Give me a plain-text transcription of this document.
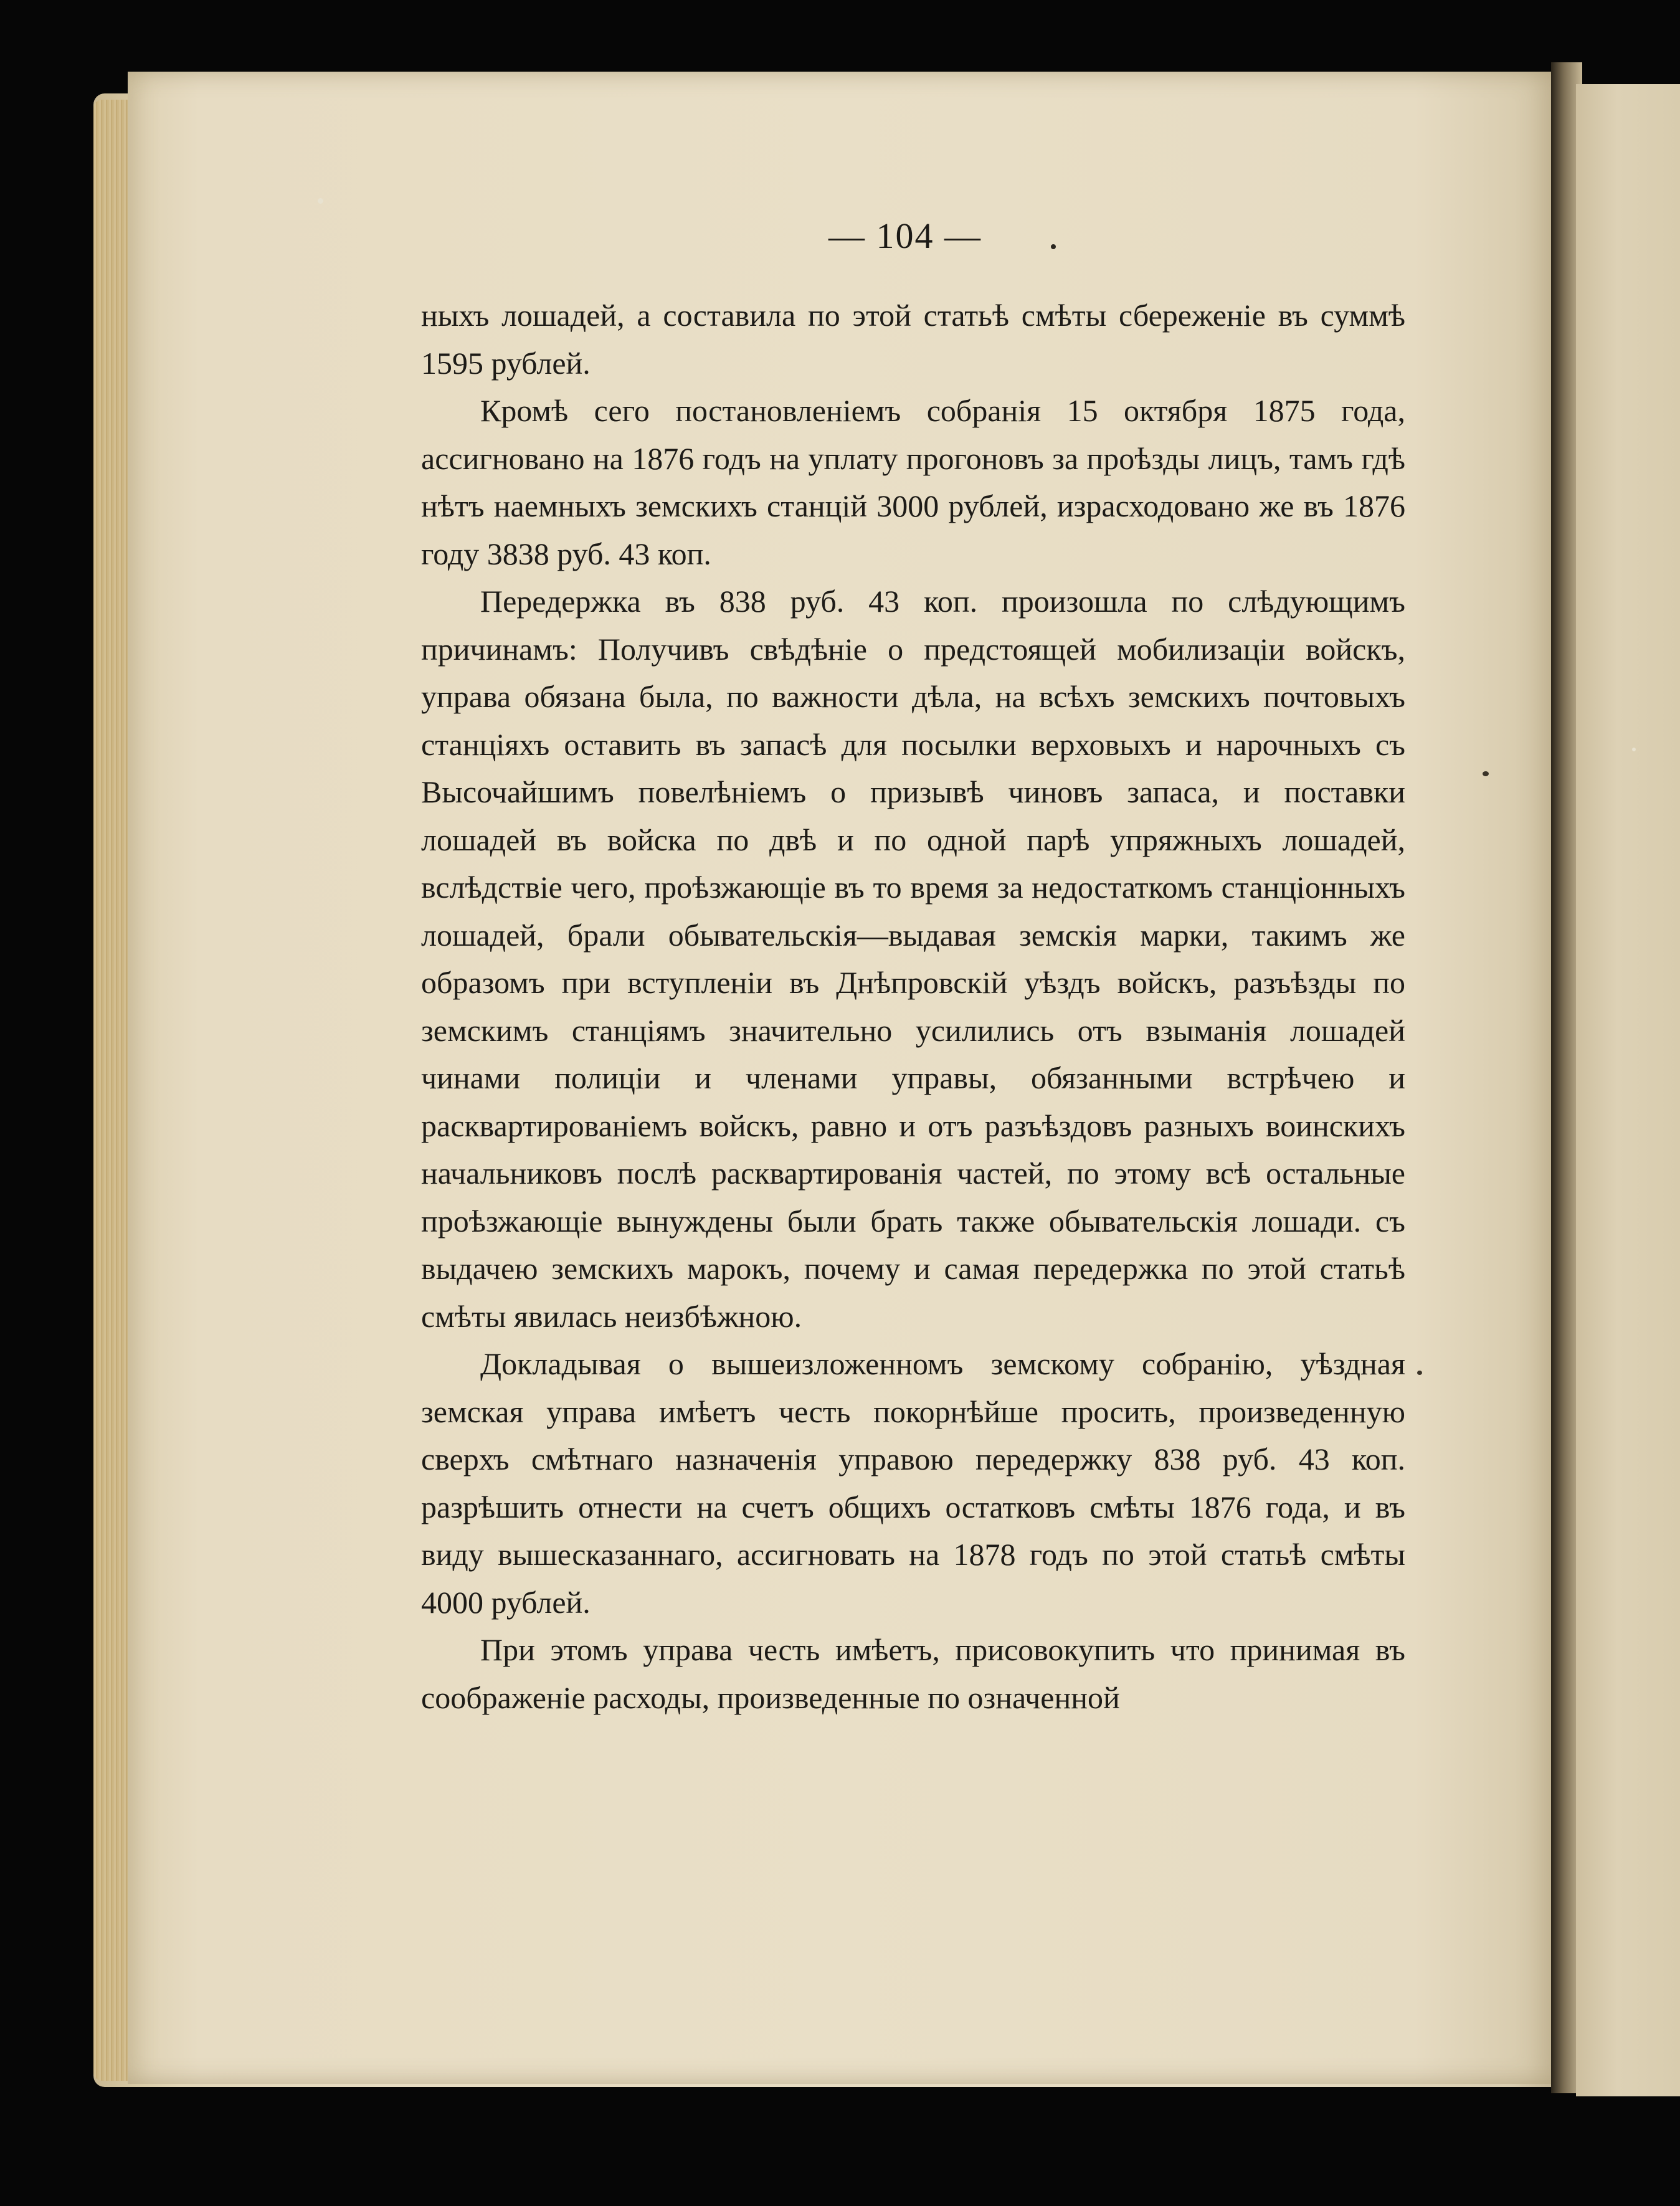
— 104 —

ныхъ лошадей, а составила по этой статьѣ смѣты сбереженіе въ суммѣ 1595 рублей.

Кромѣ сего постановленіемъ собранія 15 октября 1875 года, ассигновано на 1876 годъ на уплату прогоновъ за проѣзды лицъ, тамъ гдѣ нѣтъ наемныхъ земскихъ станцій 3000 рублей, израсходовано же въ 1876 году 3838 руб. 43 коп.

Передержка въ 838 руб. 43 коп. произошла по слѣдующимъ причинамъ: Получивъ свѣдѣніе о предстоящей мобилизаціи войскъ, управа обязана была, по важности дѣла, на всѣхъ земскихъ почтовыхъ станціяхъ оставить въ запасѣ для посылки верховыхъ и нарочныхъ съ Высочайшимъ повелѣніемъ о призывѣ чиновъ запаса, и поставки лошадей въ войска по двѣ и по одной парѣ упряжныхъ лошадей, вслѣдствіе чего, проѣзжающіе въ то время за недостаткомъ станціонныхъ лошадей, брали обывательскія—выдавая земскія марки, такимъ же образомъ при вступленіи въ Днѣпровскій уѣздъ войскъ, разъѣзды по земскимъ станціямъ значительно усилились отъ взыманія лошадей чинами полиціи и членами управы, обязанными встрѣчею и расквартированіемъ войскъ, равно и отъ разъѣздовъ разныхъ воинскихъ начальниковъ послѣ расквартированія частей, по этому всѣ остальные проѣзжающіе вынуждены были брать также обывательскія лошади. съ выдачею земскихъ марокъ, почему и самая передержка по этой статьѣ смѣты явилась неизбѣжною.

Докладывая о вышеизложенномъ земскому собранію, уѣздная земская управа имѣетъ честь покорнѣйше просить, произведенную сверхъ смѣтнаго назначенія управою передержку 838 руб. 43 коп. разрѣшить отнести на счетъ общихъ остатковъ смѣты 1876 года, и въ виду вышесказаннаго, ассигновать на 1878 годъ по этой статьѣ смѣты 4000 рублей.

При этомъ управа честь имѣетъ, присовокупить что принимая въ соображеніе расходы, произведенные по означенной
